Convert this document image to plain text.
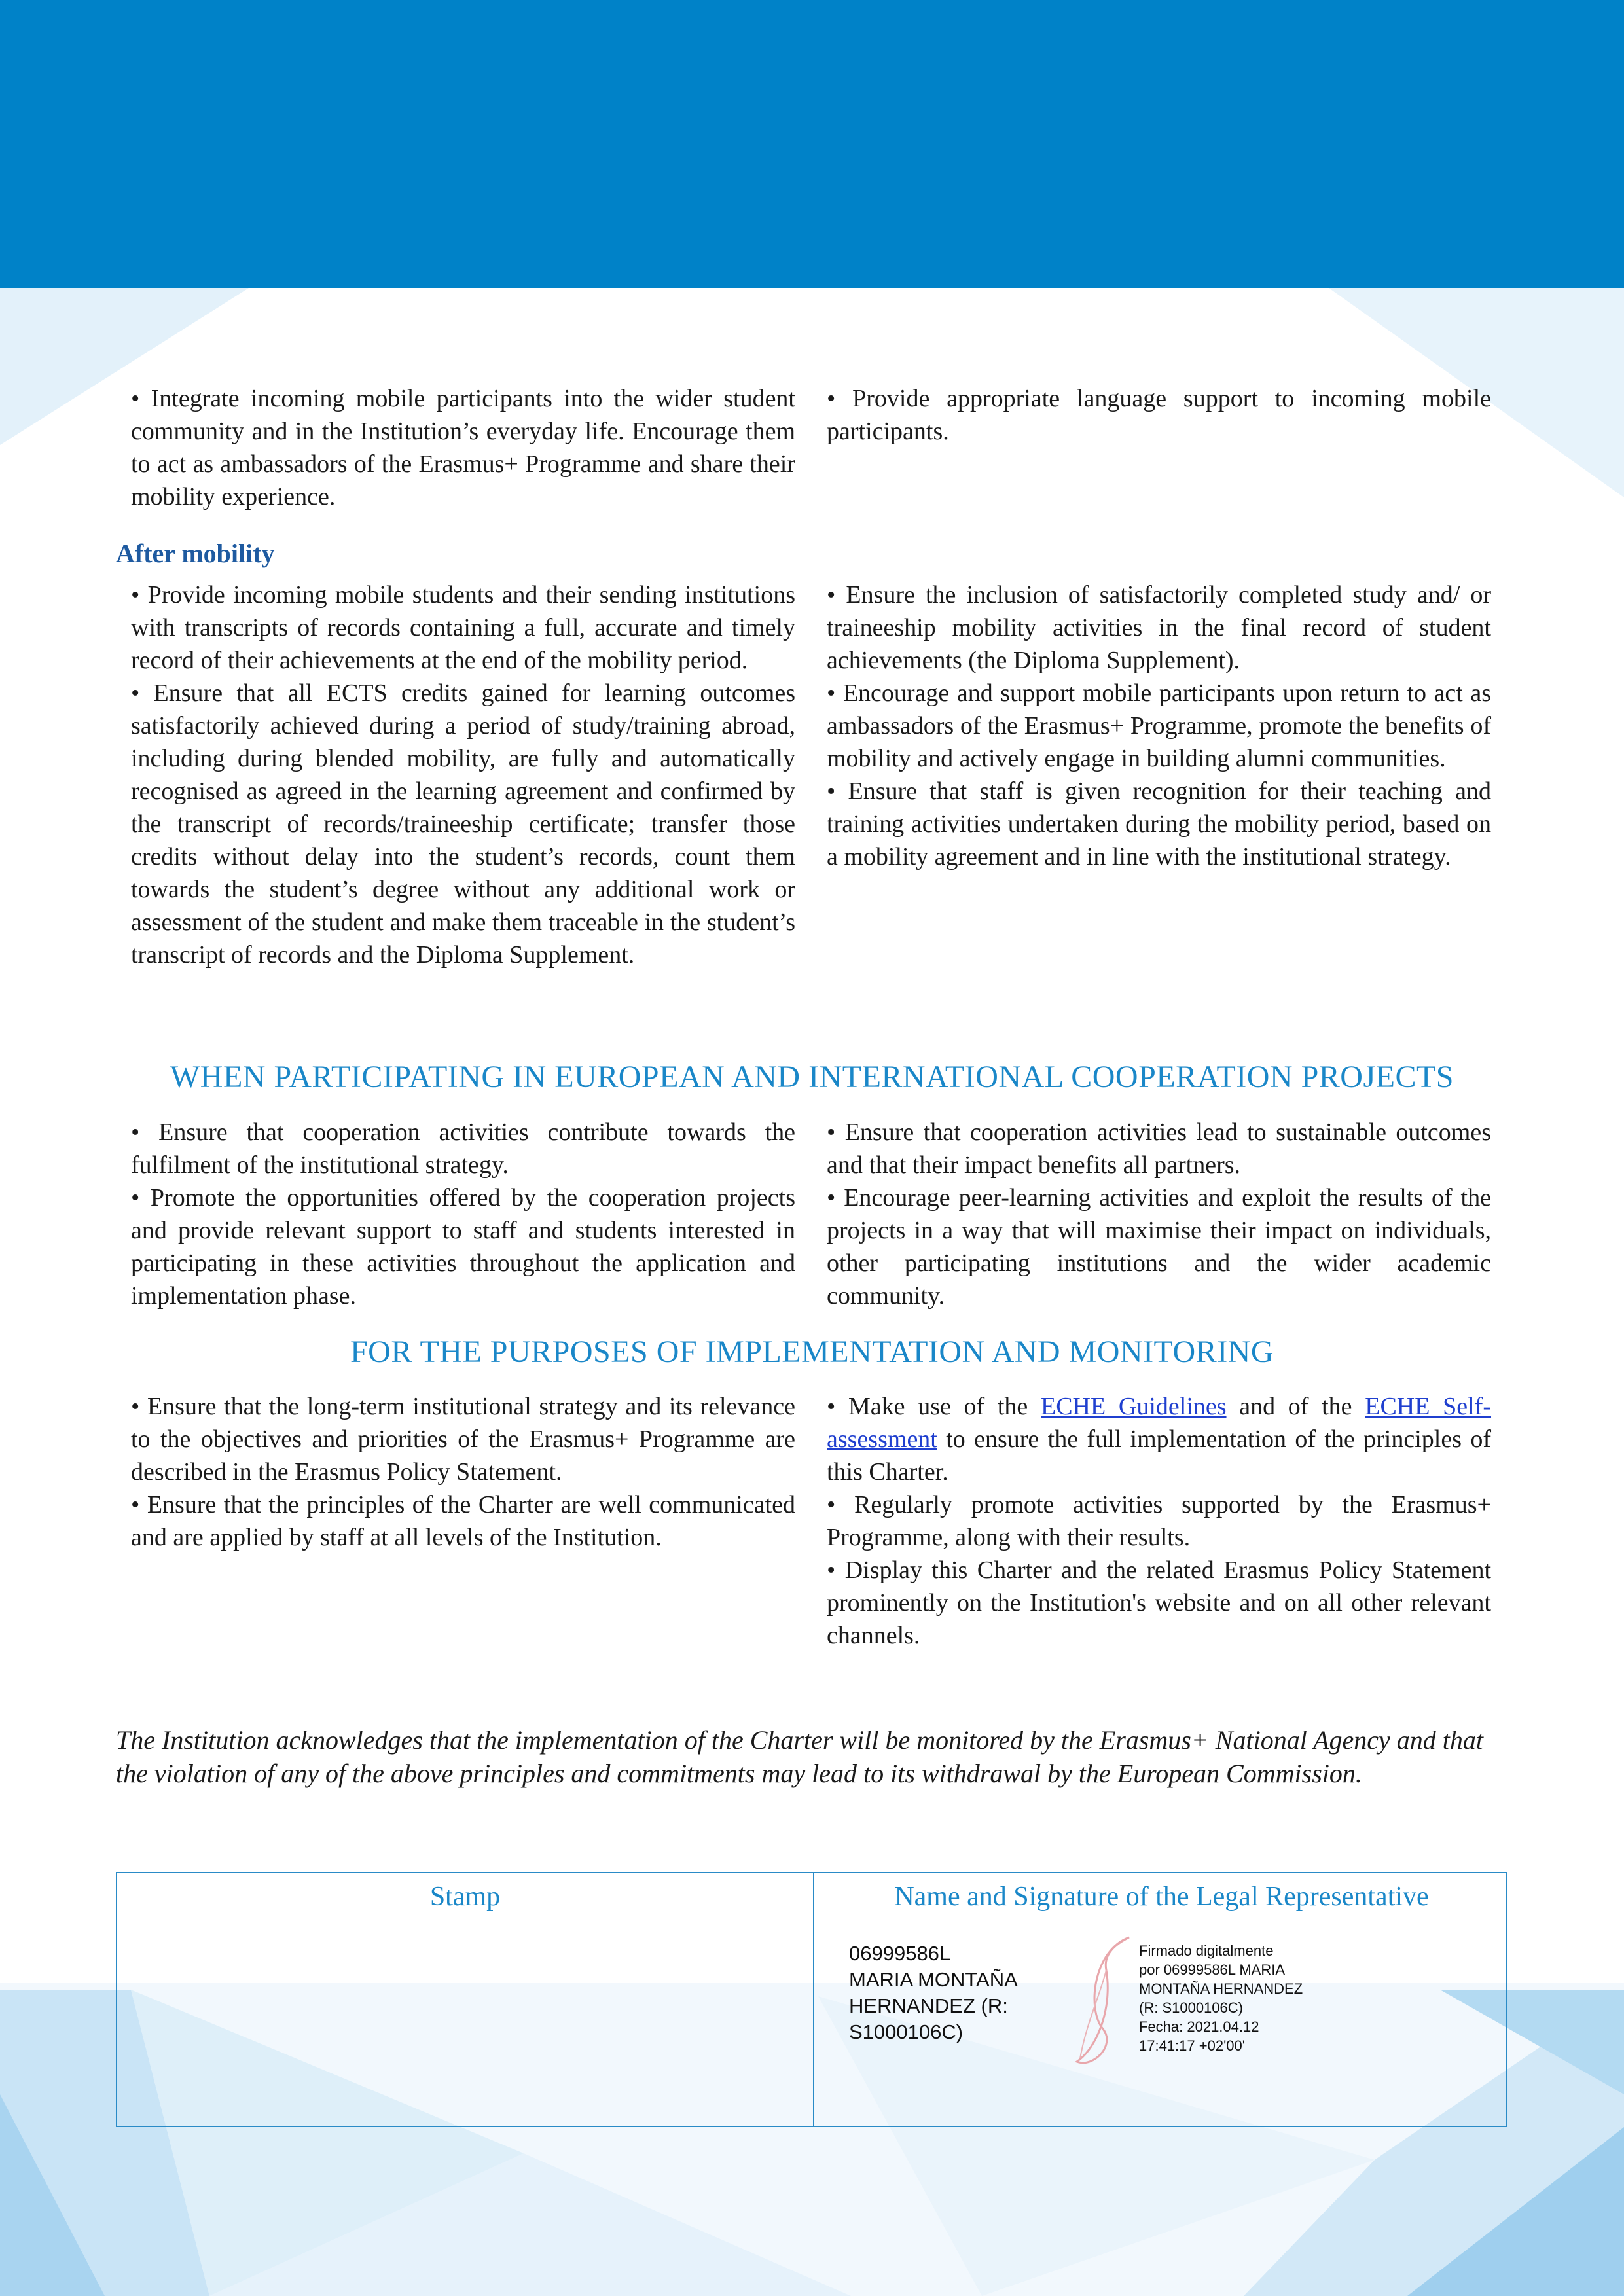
• Integrate incoming mobile participants into the wider student community and in the Institution’s everyday life. Encourage them to act as ambassadors of the Erasmus+ Programme and share their mobility experience.

• Provide appropriate language support to incoming mobile participants.

After mobility

• Provide incoming mobile students and their sending institutions with transcripts of records containing a full, accurate and timely record of their achievements at the end of the mobility period.

• Ensure that all ECTS credits gained for learning outcomes satisfactorily achieved during a period of study/training abroad, including during blended mobility, are fully and automatically recognised as agreed in the learning agreement and confirmed by the transcript of records/traineeship certificate; transfer those credits without delay into the student’s records, count them towards the student’s degree without any additional work or assessment of the student and make them traceable in the student’s transcript of records and the Diploma Supplement.

• Ensure the inclusion of satisfactorily completed study and/ or traineeship mobility activities in the final record of student achievements (the Diploma Supplement).

• Encourage and support mobile participants upon return to act as ambassadors of the Erasmus+ Programme, promote the benefits of mobility and actively engage in building alumni communities.

• Ensure that staff is given recognition for their teaching and training activities undertaken during the mobility period, based on a mobility agreement and in line with the institutional strategy.

WHEN PARTICIPATING IN EUROPEAN AND INTERNATIONAL COOPERATION PROJECTS

• Ensure that cooperation activities contribute towards the fulfilment of the institutional strategy.

• Promote the opportunities offered by the cooperation projects and provide relevant support to staff and students interested in participating in these activities throughout the application and implementation phase.

• Ensure that cooperation activities lead to sustainable outcomes and that their impact benefits all partners.

• Encourage peer-learning activities and exploit the results of the projects in a way that will maximise their impact on individuals, other participating institutions and the wider academic community.

FOR THE PURPOSES OF IMPLEMENTATION AND MONITORING

• Ensure that the long-term institutional strategy and its relevance to the objectives and priorities of the Erasmus+ Programme are described in the Erasmus Policy Statement.

• Ensure that the principles of the Charter are well communicated and are applied by staff at all levels of the Institution.

• Make use of the ECHE Guidelines and of the ECHE Self-assessment to ensure the full implementation of the principles of this Charter.

• Regularly promote activities supported by the Erasmus+ Programme, along with their results.

• Display this Charter and the related Erasmus Policy Statement prominently on the Institution's website and on all other relevant channels.

The Institution acknowledges that the implementation of the Charter will be monitored by the Erasmus+ National Agency and that the violation of any of the above principles and commitments may lead to its withdrawal by the European Commission.
Stamp	Name and Signature of the Legal Representative
06999586L
MARIA MONTAÑA
HERNANDEZ (R:
S1000106C)
Firmado digitalmente
por 06999586L MARIA
MONTAÑA HERNANDEZ
(R: S1000106C)
Fecha: 2021.04.12
17:41:17 +02'00'
